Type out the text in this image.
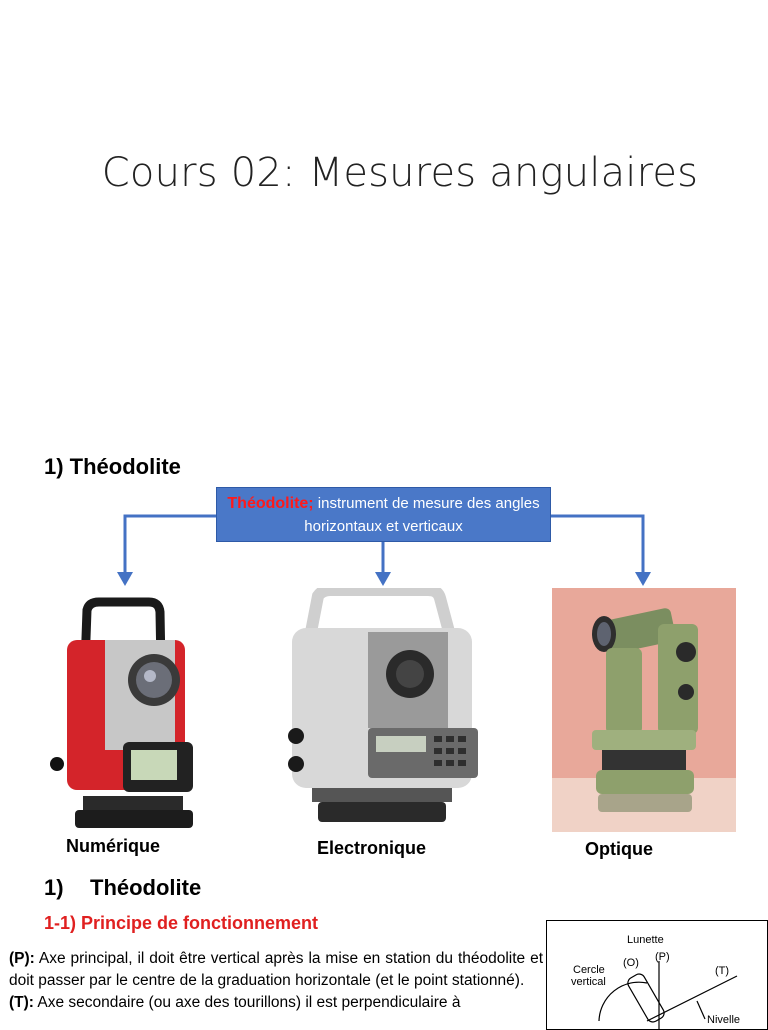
Cours 02: Mesures angulaires
1) Théodolite
Théodolite; instrument de mesure des angles horizontaux et verticaux
Numérique	Electronique	Optique
1) Théodolite
1-1) Principe de fonctionnement
(P): Axe principal, il doit être vertical après la mise en station du théodolite et doit passer par le centre de la graduation horizontale (et le point stationné).
(T): Axe secondaire (ou axe des tourillons) il est perpendiculaire à
Lunette
(O) (P)
(T)
Cercle
vertical
Nivelle
